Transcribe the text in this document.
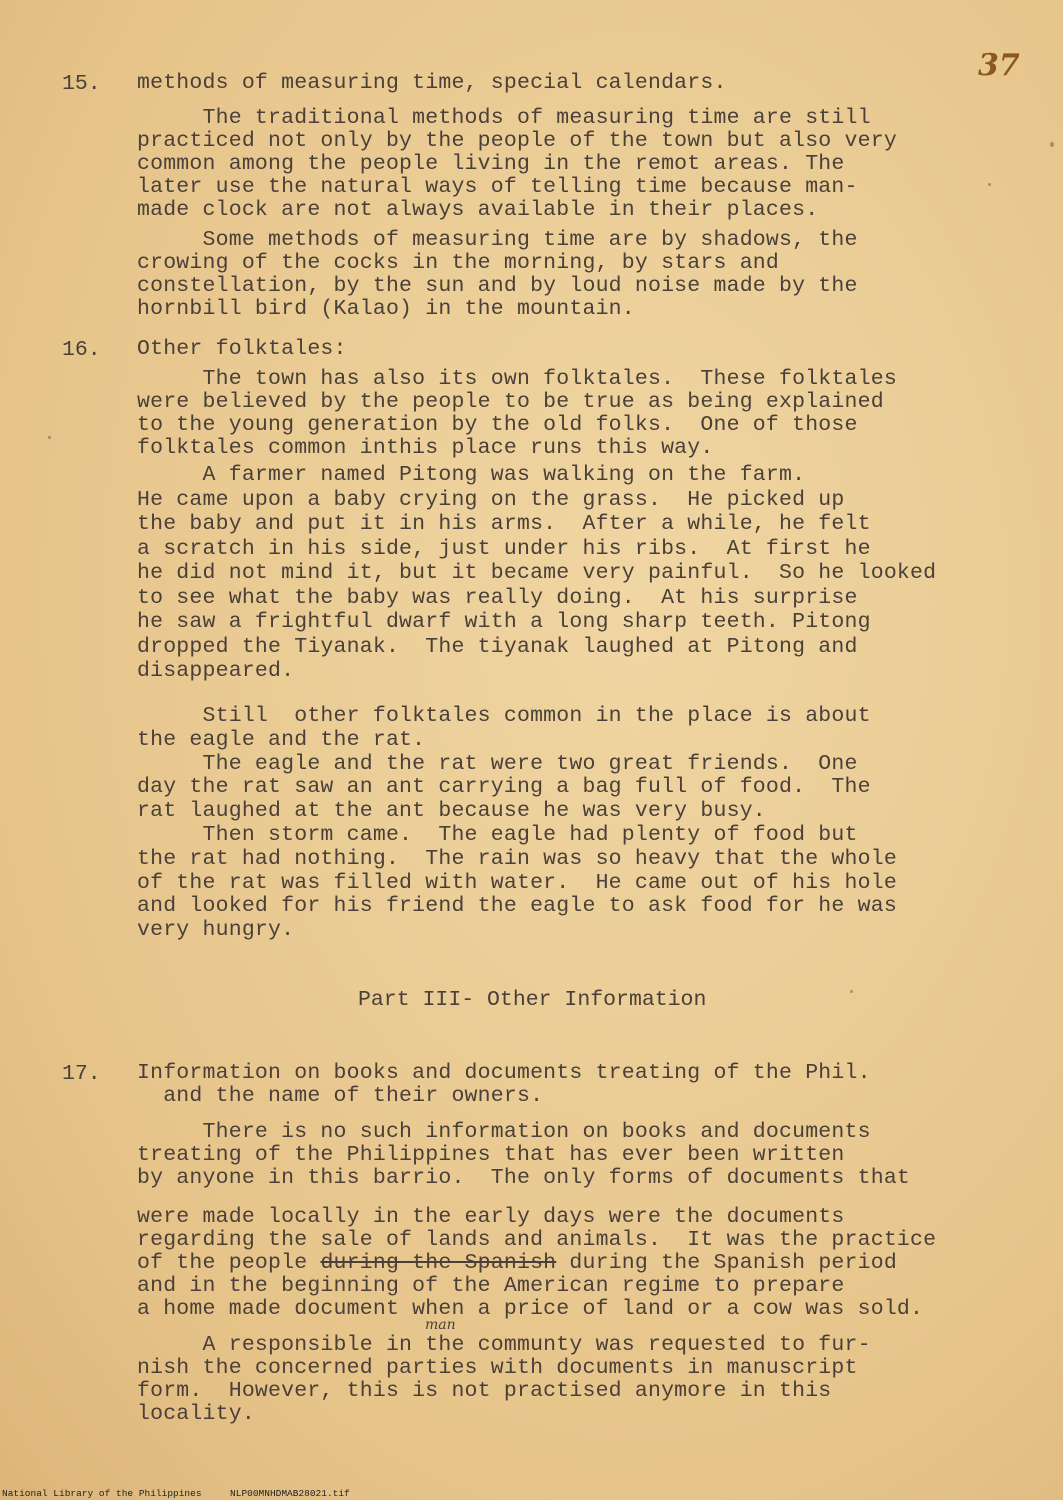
37
15. methods of measuring time, special calendars.
The traditional methods of measuring time are still
practiced not only by the people of the town but also very
common among the people living in the remot areas. The
later use the natural ways of telling time because man-
made clock are not always available in their places.
Some methods of measuring time are by shadows, the
crowing of the cocks in the morning, by stars and
constellation, by the sun and by loud noise made by the
hornbill bird (Kalao) in the mountain.
16. Other folktales:
The town has also its own folktales.  These folktales
were believed by the people to be true as being explained
to the young generation by the old folks.  One of those
folktales common inthis place runs this way.
A farmer named Pitong was walking on the farm.
He came upon a baby crying on the grass.  He picked up
the baby and put it in his arms.  After a while, he felt
a scratch in his side, just under his ribs.  At first he
he did not mind it, but it became very painful.  So he looked
to see what the baby was really doing.  At his surprise
he saw a frightful dwarf with a long sharp teeth. Pitong
dropped the Tiyanak.  The tiyanak laughed at Pitong and
disappeared.
Still  other folktales common in the place is about
the eagle and the rat.
The eagle and the rat were two great friends.  One
day the rat saw an ant carrying a bag full of food.  The
rat laughed at the ant because he was very busy.
Then storm came.  The eagle had plenty of food but
the rat had nothing.  The rain was so heavy that the whole
of the rat was filled with water.  He came out of his hole
and looked for his friend the eagle to ask food for he was
very hungry.
Part III- Other Information
17. Information on books and documents treating of the Phil.
and the name of their owners.
There is no such information on books and documents
treating of the Philippines that has ever been written
by anyone in this barrio.  The only forms of documents that
were made locally in the early days were the documents
regarding the sale of lands and animals.  It was the practice
of the people during the Spanish during the Spanish period
and in the beginning of the American regime to prepare
a home made document when a price of land or a cow was sold.
man
A responsible in the communty was requested to fur-
nish the concerned parties with documents in manuscript
form.  However, this is not practised anymore in this
locality.
National Library of the Philippines     NLP00MNHDMAB28021.tif
